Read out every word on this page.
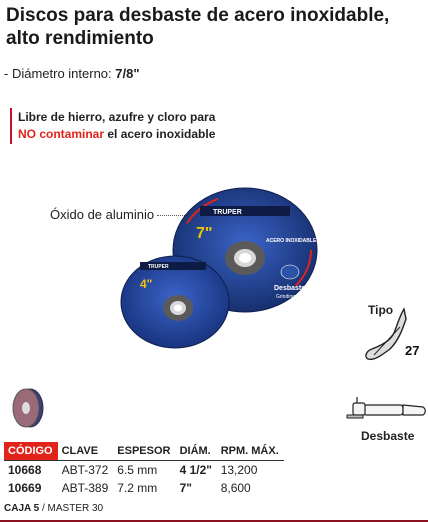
Discos para desbaste de acero inoxidable, alto rendimiento
- Diámetro interno: 7/8"
Libre de hierro, azufre y cloro para
NO contaminar el acero inoxidable
Óxido de aluminio	TRUPER
7"	ACERO INOXIDABLE STAINLESS STEEL
Desbaste
Grinding
TRUPER
4"
Tipo
27
Desbaste
CÓDIGO	CLAVE	ESPESOR	DIÁM.	RPM. MÁX.
10668	ABT-372	6.5 mm	4 1/2"	13,200
10669	ABT-389	7.2 mm	7"	8,600
CAJA 5 / MASTER 30
